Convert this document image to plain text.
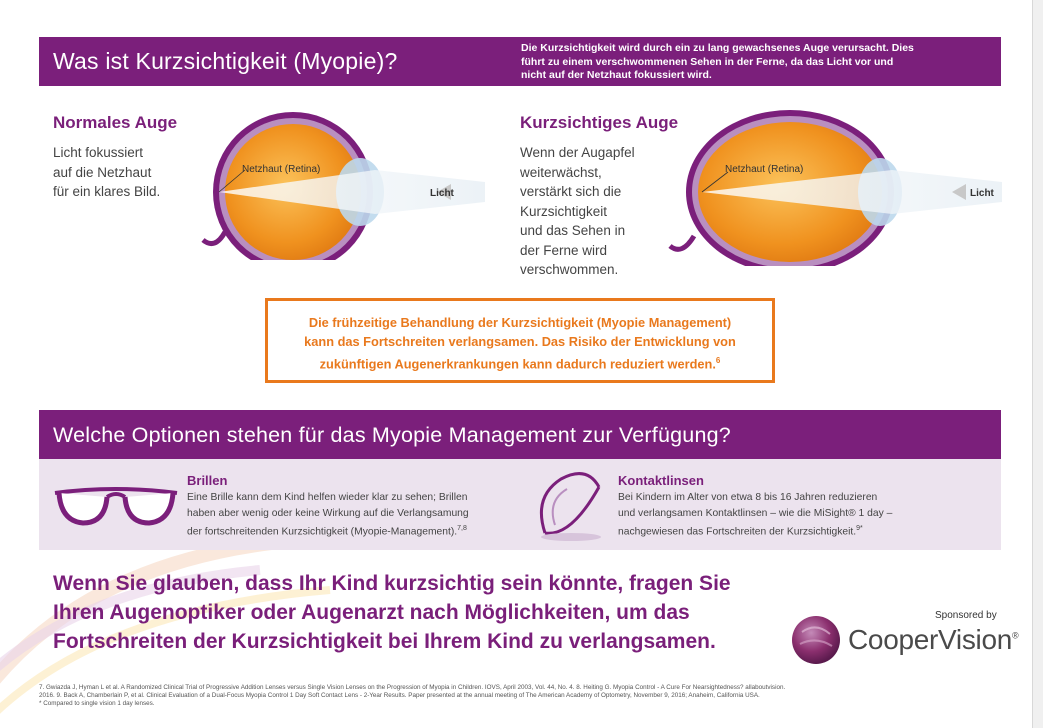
Was ist Kurzsichtigkeit (Myopie)?	Die Kurzsichtigkeit wird durch ein zu lang gewachsenes Auge verursacht. Dies führt zu einem verschwommenen Sehen in der Ferne, da das Licht vor und nicht auf der Netzhaut fokussiert wird.
Normales Auge
Licht fokussiert
auf die Netzhaut
für ein klares Bild.
Netzhaut (Retina)
Licht
Kurzsichtiges Auge
Wenn der Augapfel
weiterwächst,
verstärkt sich die
Kurzsichtigkeit
und das Sehen in
der Ferne wird
verschwommen.
Netzhaut (Retina)
Licht
Die frühzeitige Behandlung der Kurzsichtigkeit (Myopie Management)
kann das Fortschreiten verlangsamen. Das Risiko der Entwicklung von
zukünftigen Augenerkrankungen kann dadurch reduziert werden.$^6$
Welche Optionen stehen für das Myopie Management zur Verfügung?
Brillen
Eine Brille kann dem Kind helfen wieder klar zu sehen; Brillen
haben aber wenig oder keine Wirkung auf die Verlangsamung
der fortschreitenden Kurzsichtigkeit (Myopie-Management).$^{7,8}$
Kontaktlinsen
Bei Kindern im Alter von etwa 8 bis 16 Jahren reduzieren
und verlangsamen Kontaktlinsen – wie die MiSight® 1 day –
nachgewiesen das Fortschreiten der Kurzsichtigkeit.$^{9*}$
Wenn Sie glauben, dass Ihr Kind kurzsichtig sein könnte, fragen Sie
Ihren Augenoptiker oder Augenarzt nach Möglichkeiten, um das
Fortschreiten der Kurzsichtigkeit bei Ihrem Kind zu verlangsamen.
Sponsored by
CooperVision®
7. Gwiazda J, Hyman L et al. A Randomized Clinical Trial of Progressive Addition Lenses versus Single Vision Lenses on the Progression of Myopia in Children. IOVS, April 2003, Vol. 44, No. 4. 8. Heiting G. Myopia Control - A Cure For Nearsightedness? allaboutvision.
2016. 9. Back A, Chamberlain P, et al. Clinical Evaluation of a Dual-Focus Myopia Control 1 Day Soft Contact Lens - 2-Year Results. Paper presented at the annual meeting of The American Academy of Optometry, November 9, 2016; Anaheim, California USA.
* Compared to single vision 1 day lenses.
